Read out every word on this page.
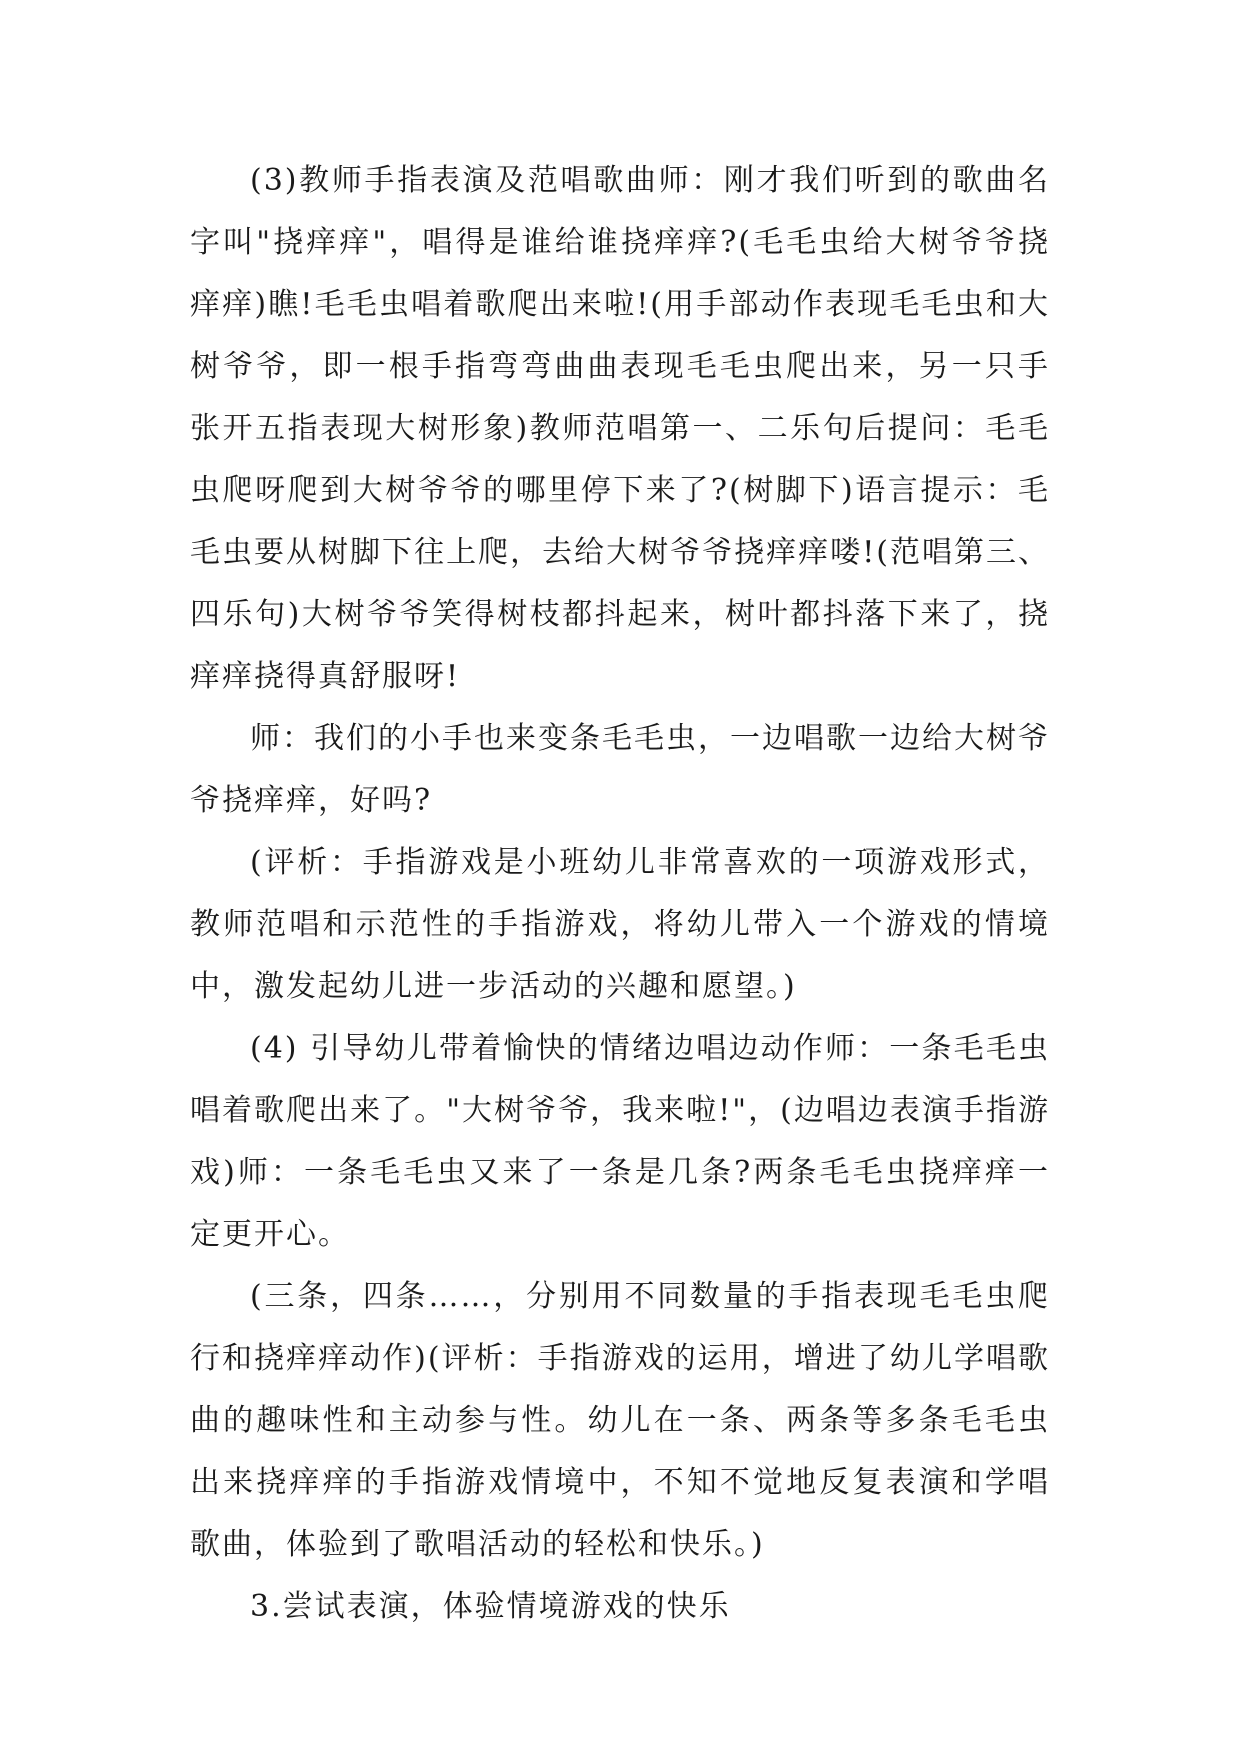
(3)教师手指表演及范唱歌曲师：刚才我们听到的歌曲名字叫"挠痒痒"，唱得是谁给谁挠痒痒?(毛毛虫给大树爷爷挠痒痒)瞧!毛毛虫唱着歌爬出来啦!(用手部动作表现毛毛虫和大树爷爷，即一根手指弯弯曲曲表现毛毛虫爬出来，另一只手张开五指表现大树形象)教师范唱第一、二乐句后提问：毛毛虫爬呀爬到大树爷爷的哪里停下来了?(树脚下)语言提示：毛毛虫要从树脚下往上爬，去给大树爷爷挠痒痒喽!(范唱第三、四乐句)大树爷爷笑得树枝都抖起来，树叶都抖落下来了，挠痒痒挠得真舒服呀!

师：我们的小手也来变条毛毛虫，一边唱歌一边给大树爷爷挠痒痒，好吗?

(评析：手指游戏是小班幼儿非常喜欢的一项游戏形式，教师范唱和示范性的手指游戏，将幼儿带入一个游戏的情境中，激发起幼儿进一步活动的兴趣和愿望。)

(4) 引导幼儿带着愉快的情绪边唱边动作师：一条毛毛虫唱着歌爬出来了。"大树爷爷，我来啦!"，(边唱边表演手指游戏)师：一条毛毛虫又来了一条是几条?两条毛毛虫挠痒痒一定更开心。

(三条，四条……，分别用不同数量的手指表现毛毛虫爬行和挠痒痒动作)(评析：手指游戏的运用，增进了幼儿学唱歌曲的趣味性和主动参与性。幼儿在一条、两条等多条毛毛虫出来挠痒痒的手指游戏情境中，不知不觉地反复表演和学唱歌曲，体验到了歌唱活动的轻松和快乐。)

3.尝试表演，体验情境游戏的快乐
